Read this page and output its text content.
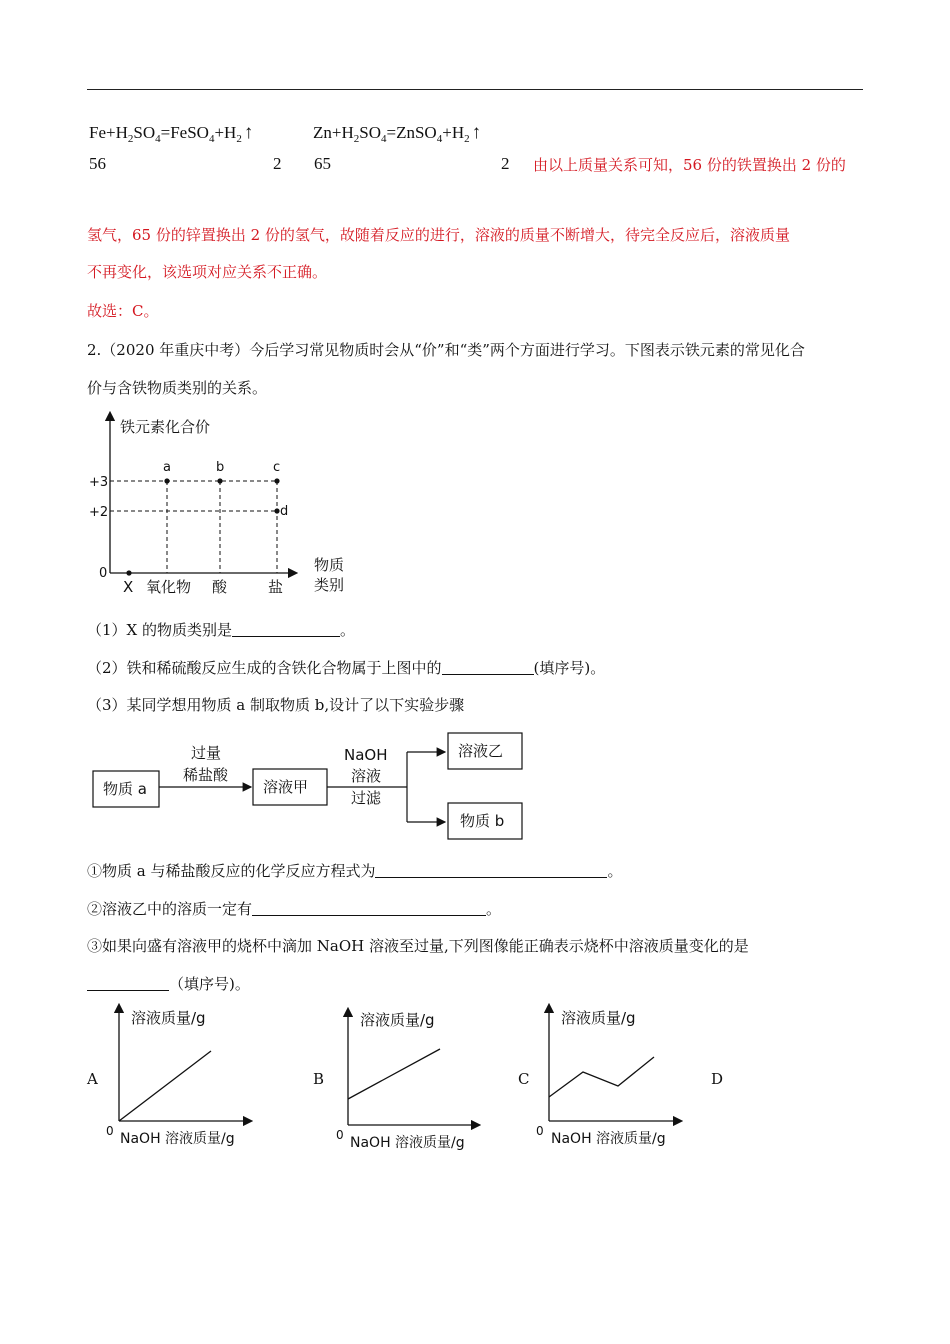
$Fe+H_2SO_4=FeSO_4+H_2$ ↑	$Zn+H_2SO_4=ZnSO_4+H_2$ ↑
56	2 65	2 由以上质量关系可知，56 份的铁置换出 2 份的
氢气，65 份的锌置换出 2 份的氢气，故随着反应的进行，溶液的质量不断增大，待完全反应后，溶液质量
不再变化，该选项对应关系不正确。
故选：C。
2.（2020 年重庆中考）今后学习常见物质时会从“价”和“类”两个方面进行学习。下图表示铁元素的常见化合
价与含铁物质类别的关系。
铁元素化合价
+3
+2
0
a	b	c
d
X 氧化物 酸	盐
物质
类别
（1）X 的物质类别是	。
（2）铁和稀硫酸反应生成的含铁化合物属于上图中的	(填序号)。
（3）某同学想用物质 a 制取物质 b,设计了以下实验步骤
物质 a
过量
稀盐酸
溶液甲
NaOH
溶液
过滤
溶液乙
物质 b
①物质 a 与稀盐酸反应的化学反应方程式为	。
②溶液乙中的溶质一定有	。
③如果向盛有溶液甲的烧杯中滴加 NaOH 溶液至过量,下列图像能正确表示烧杯中溶液质量变化的是
（填序号)。
A	B	C	D
溶液质量/g
0 NaOH 溶液质量/g
溶液质量/g
0 NaOH 溶液质量/g
溶液质量/g
0 NaOH 溶液质量/g
